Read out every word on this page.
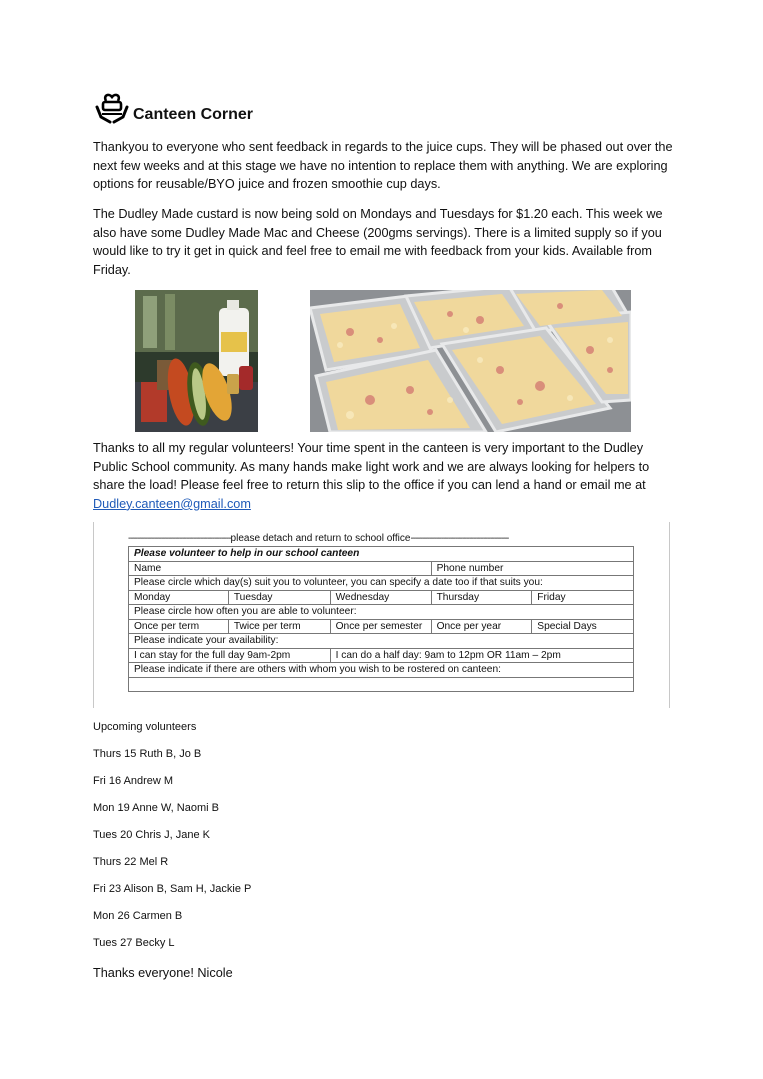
Canteen Corner

Thankyou to everyone who sent feedback in regards to the juice cups. They will be phased out over the next few weeks and at this stage we have no intention to replace them with anything. We are exploring options for reusable/BYO juice and frozen smoothie cup days.

The Dudley Made custard is now being sold on Mondays and Tuesdays for $1.20 each. This week we also have some Dudley Made Mac and Cheese (200gms servings). There is a limited supply so if you would like to try it get in quick and feel free to email me with feedback from your kids. Available from Friday.

Thanks to all my regular volunteers! Your time spent in the canteen is very important to the Dudley Public School community. As many hands make light work and we are always looking for helpers to share the load! Please feel free to return this slip to the office if you can lend a hand or email me at Dudley.canteen@gmail.com

--------------------------------------------please detach and return to school office------------------------------------------
Please volunteer to help in our school canteen				
Name			Phone number	
Please circle which day(s) suit you to volunteer, you can specify a date too if that suits you:				
Monday	Tuesday	Wednesday	Thursday	Friday
Please circle how often you are able to volunteer:				
Once per term	Twice per term	Once per semester	Once per year	Special Days
Please indicate your availability:				
I can stay for the full day 9am-2pm		I can do a half day: 9am to 12pm OR 11am – 2pm		
Please indicate if there are others with whom you wish to be rostered on canteen:				

Upcoming volunteers
Thurs 15 Ruth B, Jo B
Fri 16 Andrew M
Mon 19 Anne W, Naomi B
Tues 20 Chris J, Jane K
Thurs 22 Mel R
Fri 23 Alison B, Sam H, Jackie P
Mon 26 Carmen B
Tues 27 Becky L
Thanks everyone! Nicole
